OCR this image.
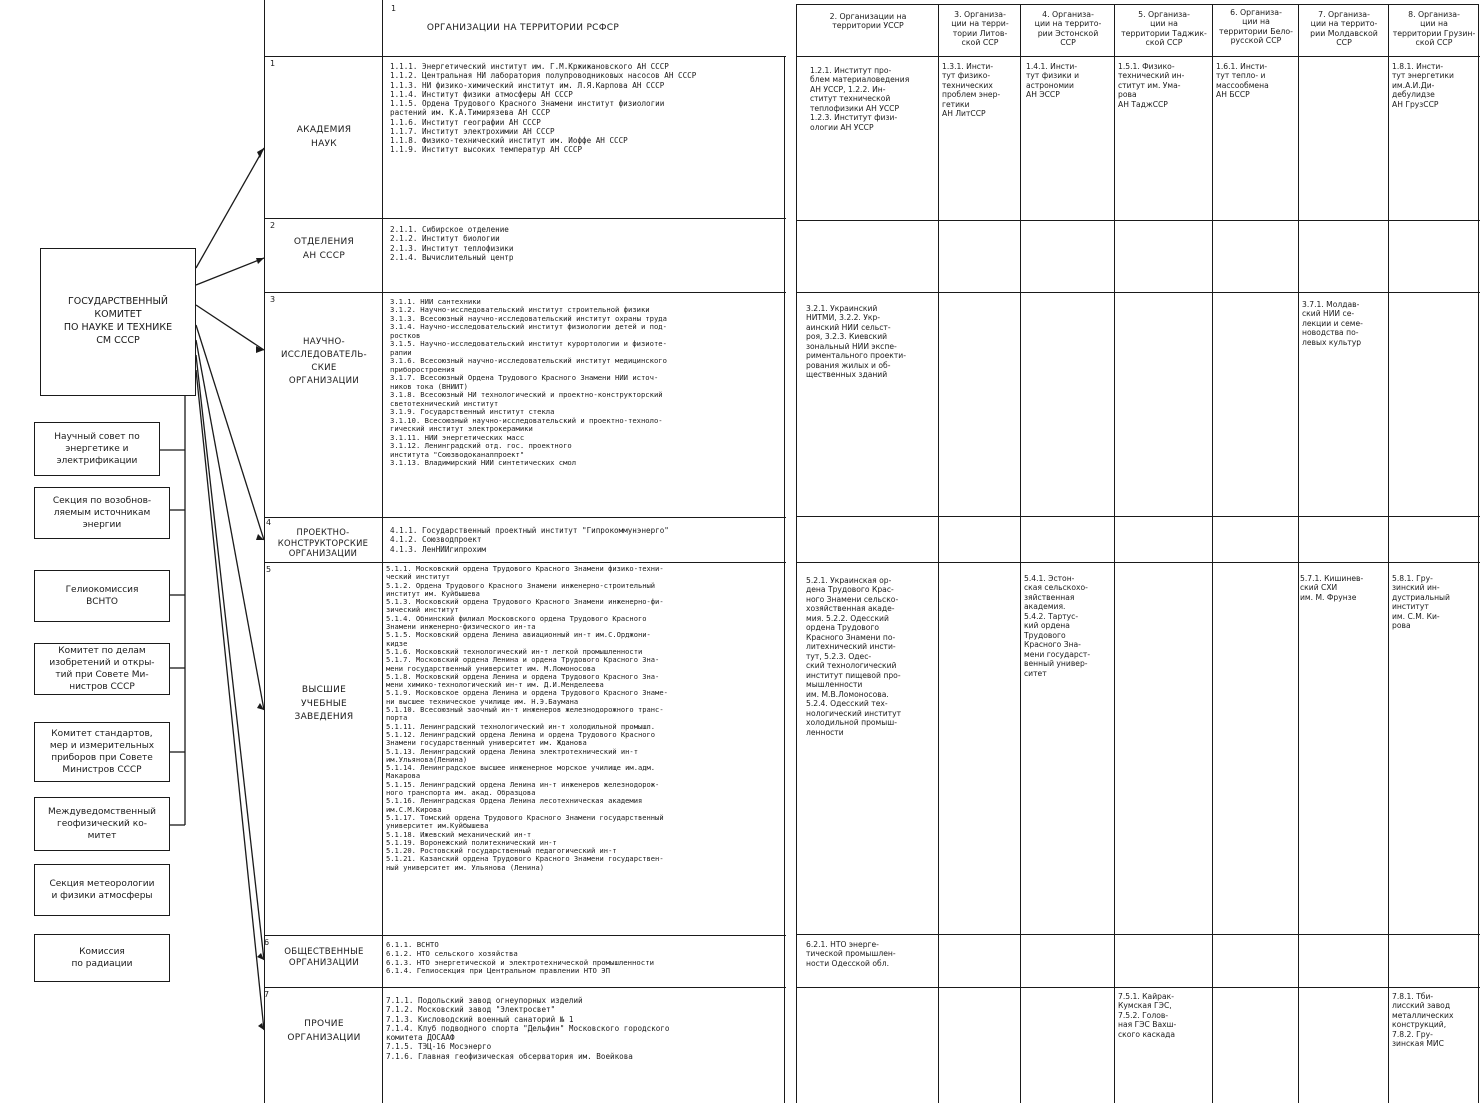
ГОСУДАРСТВЕННЫЙ
КОМИТЕТ
ПО НАУКЕ И ТЕХНИКЕ
СМ СССР
Научный совет по
энергетике и
электрификации
Секция по возобнов-
ляемым источникам
энергии
Гелиокомиссия
ВСНТО
Комитет по делам
изобретений и откры-
тий при Совете Ми-
нистров СССР
Комитет стандартов,
мер и измерительных
приборов при Совете
Министров СССР
Междуведомственный
геофизический ко-
митет
Секция метеорологии
и физики атмосферы
Комиссия
по радиации
1
ОРГАНИЗАЦИИ НА ТЕРРИТОРИИ РСФСР
1
АКАДЕМИЯ
НАУК
1.1.1. Энергетический институт им. Г.М.Кржижановского АН СССР
1.1.2. Центральная НИ лаборатория полупроводниковых насосов АН СССР
1.1.3. НИ физико-химический институт им. Л.Я.Карпова АН СССР
1.1.4. Институт физики атмосферы АН СССР
1.1.5. Ордена Трудового Красного Знамени институт физиологии
растений им. К.А.Тимирязева АН СССР
1.1.6. Институт географии АН СССР
1.1.7. Институт электрохимии АН СССР
1.1.8. Физико-технический институт им. Иоффе АН СССР
1.1.9. Институт высоких температур АН СССР
2
ОТДЕЛЕНИЯ
АН СССР
2.1.1. Сибирское отделение
2.1.2. Институт биологии
2.1.3. Институт теплофизики
2.1.4. Вычислительный центр
3
НАУЧНО-
ИССЛЕДОВАТЕЛЬ-
СКИЕ
ОРГАНИЗАЦИИ
3.1.1. НИИ сантехники
3.1.2. Научно-исследовательский институт строительной физики
3.1.3. Всесоюзный научно-исследовательский институт охраны труда
3.1.4. Научно-исследовательский институт физиологии детей и под-
ростков
3.1.5. Научно-исследовательский институт курортологии и физиоте-
рапии
3.1.6. Всесоюзный научно-исследовательский институт медицинского
приборостроения
3.1.7. Всесоюзный Ордена Трудового Красного Знамени НИИ источ-
ников тока (ВНИИТ)
3.1.8. Всесоюзный НИ технологический и проектно-конструкторский
светотехнический институт
3.1.9. Государственный институт стекла
3.1.10. Всесоюзный научно-исследовательский и проектно-техноло-
гический институт электрокерамики
3.1.11. НИИ энергетических масс
3.1.12. Ленинградский отд. гос. проектного
института "Союзводоканалпроект"
3.1.13. Владимирский НИИ синтетических смол
4
ПРОЕКТНО-
КОНСТРУКТОРСКИЕ
ОРГАНИЗАЦИИ
4.1.1. Государственный проектный институт "Гипрокоммунэнерго"
4.1.2. Союзводпроект
4.1.3. ЛенНИИгипрохим
5
ВЫСШИЕ
УЧЕБНЫЕ
ЗАВЕДЕНИЯ
5.1.1. Московский ордена Трудового Красного Знамени физико-техни-
ческий институт
5.1.2. Ордена Трудового Красного Знамени инженерно-строительный
институт им. Куйбышева
5.1.3. Московский ордена Трудового Красного Знамени инженерно-фи-
зический институт
5.1.4. Обнинский филиал Московского ордена Трудового Красного
Знамени инженерно-физического ин-та
5.1.5. Московский ордена Ленина авиационный ин-т им.С.Орджони-
кидзе
5.1.6. Московский технологический ин-т легкой промышленности
5.1.7. Московский ордена Ленина и ордена Трудового Красного Зна-
мени государственный университет им. М.Ломоносова
5.1.8. Московский ордена Ленина и ордена Трудового Красного Зна-
мени химико-технологический ин-т им. Д.И.Менделеева
5.1.9. Московское ордена Ленина и ордена Трудового Красного Знаме-
ни высшее техническое училище им. Н.Э.Баумана
5.1.10. Всесоюзный заочный ин-т инженеров железнодорожного транс-
порта
5.1.11. Ленинградский технологический ин-т холодильной промышл.
5.1.12. Ленинградский ордена Ленина и ордена Трудового Красного
Знамени государственный университет им. Жданова
5.1.13. Ленинградский ордена Ленина электротехнический ин-т
им.Ульянова(Ленина)
5.1.14. Ленинградское высшее инженерное морское училище им.адм.
Макарова
5.1.15. Ленинградский ордена Ленина ин-т инженеров железнодорож-
ного транспорта им. акад. Образцова
5.1.16. Ленинградская Ордена Ленина лесотехническая академия
им.С.М.Кирова
5.1.17. Томский ордена Трудового Красного Знамени государственный
университет им.Куйбышева
5.1.18. Ижевский механический ин-т
5.1.19. Воронежский политехнический ин-т
5.1.20. Ростовский государственный педагогический ин-т
5.1.21. Казанский ордена Трудового Красного Знамени государствен-
ный университет им. Ульянова (Ленина)
6
ОБЩЕСТВЕННЫЕ
ОРГАНИЗАЦИИ
6.1.1. ВСНТО
6.1.2. НТО сельского хозяйства
6.1.3. НТО энергетической и электротехнической промышленности
6.1.4. Гелиосекция при Центральном правлении НТО ЭП
7
ПРОЧИЕ
ОРГАНИЗАЦИИ
7.1.1. Подольский завод огнеупорных изделий
7.1.2. Московский завод "Электросвет"
7.1.3. Кисловодский военный санаторий № 1
7.1.4. Клуб подводного спорта "Дельфин" Московского городского
комитета ДОСААФ
7.1.5. ТЭЦ-16 Мосэнерго
7.1.6. Главная геофизическая обсерватория им. Воейкова
2. Организации на
территории УССР
3. Организа-
ции на терри-
тории Литов-
ской ССР
4. Организа-
ции на террито-
рии Эстонской
ССР
5. Организа-
ции на
территории Таджик-
ской ССР
6. Организа-
ции на
территории Бело-
русской ССР
7. Организа-
ции на террито-
рии Молдавской
ССР
8. Организа-
ции на
территории Грузин-
ской ССР
1.2.1. Институт про-
блем материаловедения
АН УССР, 1.2.2. Ин-
ститут технической
теплофизики АН УССР
1.2.3. Институт физи-
ологии АН УССР
1.3.1. Инсти-
тут физико-
технических
проблем энер-
гетики
АН ЛитССР
1.4.1. Инсти-
тут физики и
астрономии
АН ЭССР
1.5.1. Физико-
технический ин-
ститут им. Ума-
рова
АН ТаджССР
1.6.1. Инсти-
тут тепло- и
массообмена
АН БССР
1.8.1. Инсти-
тут энергетики
им.А.И.Ди-
дебулидзе
АН ГрузССР
3.2.1. Украинский
НИТМИ, 3.2.2. Укр-
аинский НИИ сельст-
роя, 3.2.3. Киевский
зональный НИИ экспе-
риментального проекти-
рования жилых и об-
щественных зданий
3.7.1. Молдав-
ский НИИ се-
лекции и семе-
новодства по-
левых культур
5.2.1. Украинская ор-
дена Трудового Крас-
ного Знамени сельско-
хозяйственная акаде-
мия. 5.2.2. Одесский
ордена Трудового
Красного Знамени по-
литехнический инсти-
тут, 5.2.3. Одес-
ский технологический
институт пищевой про-
мышленности
им. М.В.Ломоносова.
5.2.4. Одесский тех-
нологический институт
холодильной промыш-
ленности
5.4.1. Эстон-
ская сельскохо-
зяйственная
академия.
5.4.2. Тартус-
кий ордена
Трудового
Красного Зна-
мени государст-
венный универ-
ситет
5.7.1. Кишинев-
ский СХИ
им. М. Фрунзе
5.8.1. Гру-
зинский ин-
дустриальный
институт
им. С.М. Ки-
рова
6.2.1. НТО энерге-
тической промышлен-
ности Одесской обл.
7.5.1. Кайрак-
Кумская ГЭС,
7.5.2. Голов-
ная ГЭС Вахш-
ского каскада
7.8.1. Тби-
лисский завод
металлических
конструкций,
7.8.2. Гру-
зинская МИС
